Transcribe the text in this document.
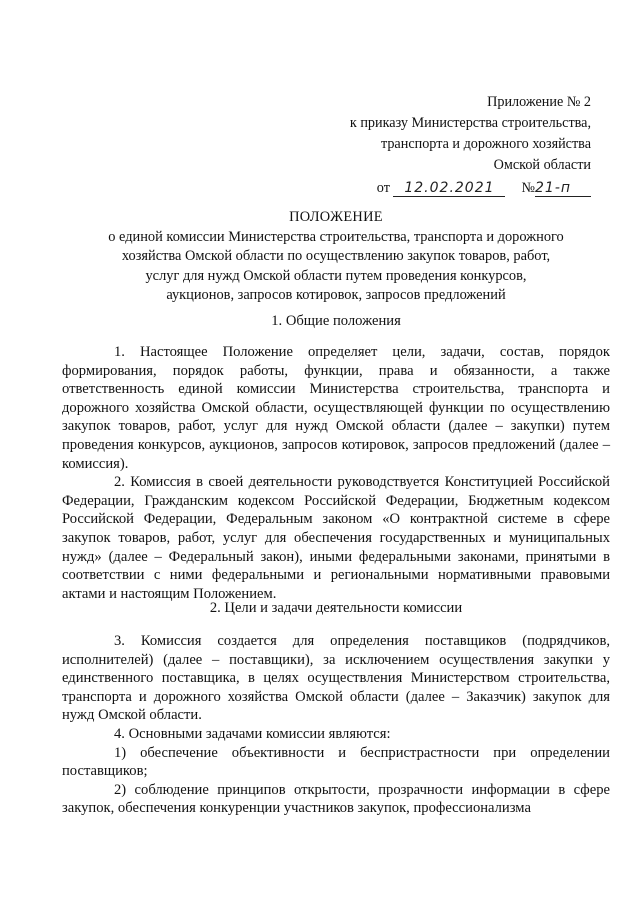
Приложение № 2
к приказу Министерства строительства,
транспорта и дорожного хозяйства
Омской области
от 12.02.2021 №21-п
ПОЛОЖЕНИЕ
о единой комиссии Министерства строительства, транспорта и дорожного
хозяйства Омской области по осуществлению закупок товаров, работ,
услуг для нужд Омской области путем проведения конкурсов,
аукционов, запросов котировок, запросов предложений
1. Общие положения

1. Настоящее Положение определяет цели, задачи, состав, порядок формирования, порядок работы, функции, права и обязанности, а также ответственность единой комиссии Министерства строительства, транспорта и дорожного хозяйства Омской области, осуществляющей функции по осуществлению закупок товаров, работ, услуг для нужд Омской области (далее – закупки) путем проведения конкурсов, аукционов, запросов котировок, запросов предложений (далее – комиссия).

2. Комиссия в своей деятельности руководствуется Конституцией Российской Федерации, Гражданским кодексом Российской Федерации, Бюджетным кодексом Российской Федерации, Федеральным законом «О контрактной системе в сфере закупок товаров, работ, услуг для обеспечения государственных и муниципальных нужд» (далее – Федеральный закон), иными федеральными законами, принятыми в соответствии с ними федеральными и региональными нормативными правовыми актами и настоящим Положением.

2. Цели и задачи деятельности комиссии

3. Комиссия создается для определения поставщиков (подрядчиков, исполнителей) (далее – поставщики), за исключением осуществления закупки у единственного поставщика, в целях осуществления Министерством строительства, транспорта и дорожного хозяйства Омской области (далее – Заказчик) закупок для нужд Омской области.

4. Основными задачами комиссии являются:

1) обеспечение объективности и беспристрастности при определении поставщиков;

2) соблюдение принципов открытости, прозрачности информации в сфере закупок, обеспечения конкуренции участников закупок, профессионализма
